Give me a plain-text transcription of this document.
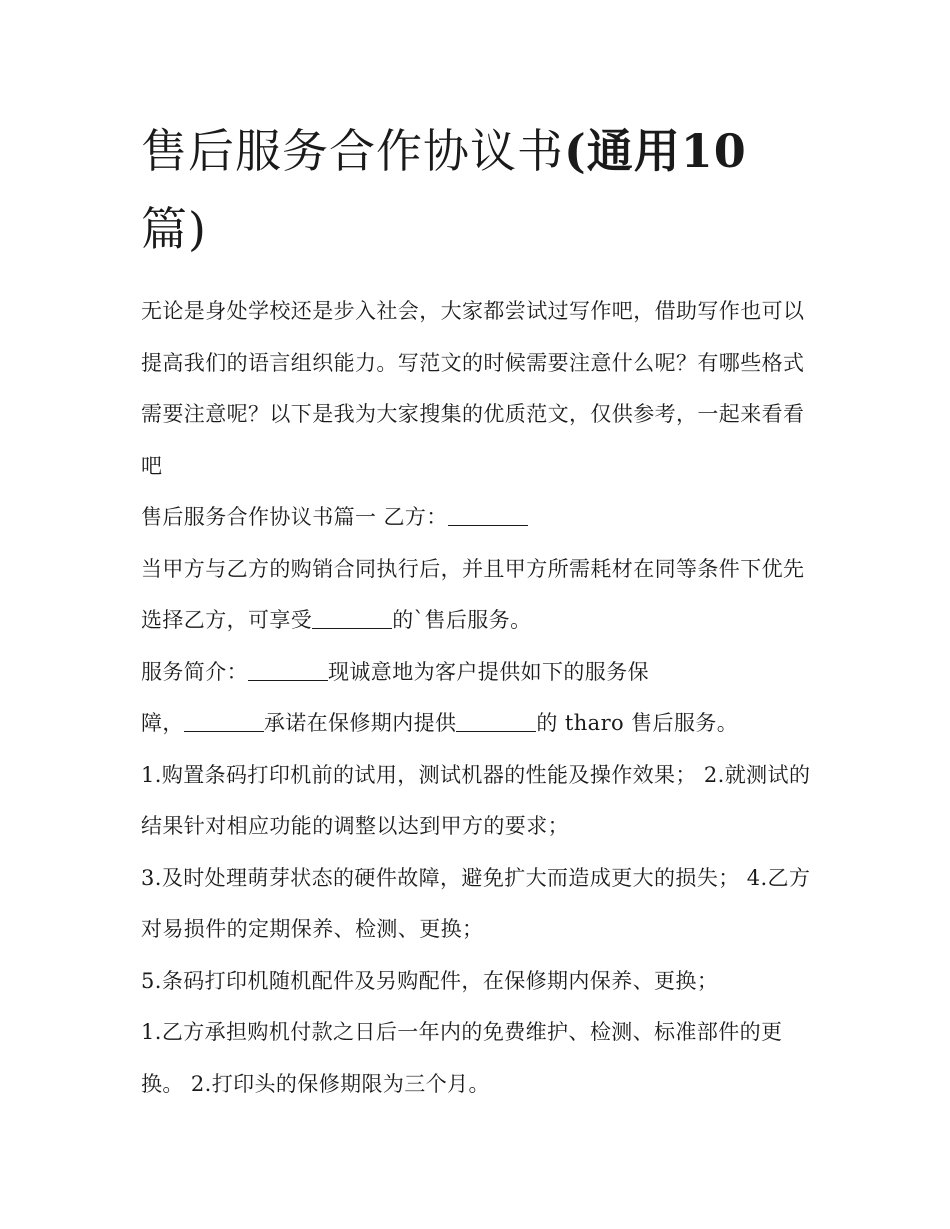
售后服务合作协议书(通用10
篇)

无论是身处学校还是步入社会，大家都尝试过写作吧，借助写作也可以提高我们的语言组织能力。写范文的时候需要注意什么呢？有哪些格式需要注意呢？以下是我为大家搜集的优质范文，仅供参考，一起来看看吧

售后服务合作协议书篇一 乙方：

当甲方与乙方的购销合同执行后，并且甲方所需耗材在同等条件下优先选择乙方，可享受	的`售后服务。

服务简介：	现诚意地为客户提供如下的服务保
障，	承诺在保修期内提供	的 tharo 售后服务。

1.购置条码打印机前的试用，测试机器的性能及操作效果； 2.就测试的结果针对相应功能的调整以达到甲方的要求；

3.及时处理萌芽状态的硬件故障，避免扩大而造成更大的损失； 4.乙方对易损件的定期保养、检测、更换；

5.条码打印机随机配件及另购配件，在保修期内保养、更换；

1.乙方承担购机付款之日后一年内的免费维护、检测、标准部件的更换。 2.打印头的保修期限为三个月。
